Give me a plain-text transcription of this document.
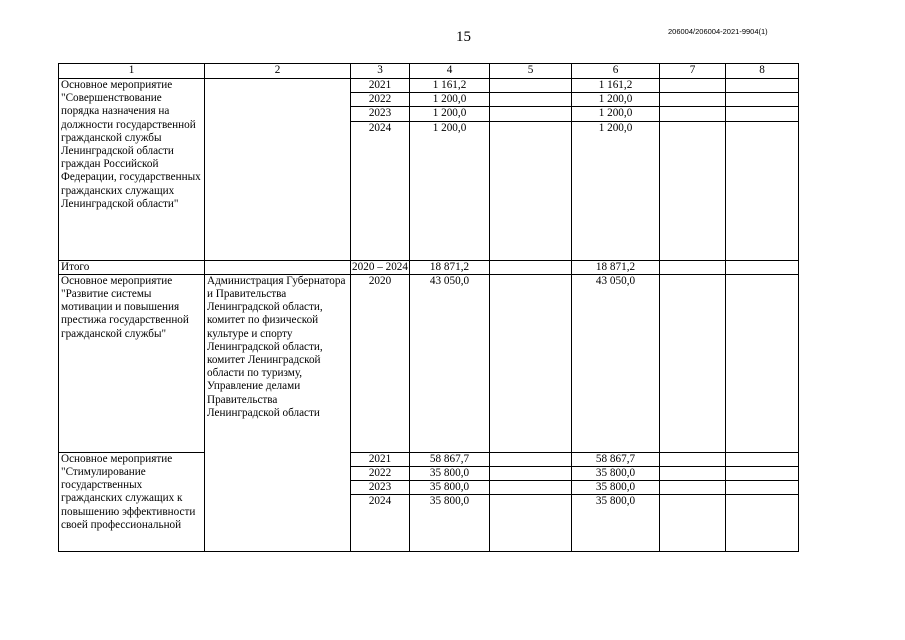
15	206004/206004-2021-9904(1)
1	2	3	4	5	6	7	8
Основное мероприятие "Совершенствование порядка назначения на должности государственной гражданской службы Ленинградской области граждан Российской Федерации, государственных гражданских служащих Ленинградской области"		2021	1 161,2		1 161,2		
		2022	1 200,0		1 200,0		
		2023	1 200,0		1 200,0		
		2024	1 200,0		1 200,0		
Итого		2020 – 2024	18 871,2		18 871,2		
Основное мероприятие "Развитие системы мотивации и повышения престижа государственной гражданской службы"	Администрация Губернатора и Правительства Ленинградской области, комитет по физической культуре и спорту Ленинградской области, комитет Ленинградской области по туризму, Управление делами Правительства Ленинградской области	2020	43 050,0		43 050,0		
Основное мероприятие "Стимулирование государственных гражданских служащих к повышению эффективности своей профессиональной		2021	58 867,7		58 867,7		
		2022	35 800,0		35 800,0		
		2023	35 800,0		35 800,0		
		2024	35 800,0		35 800,0		
